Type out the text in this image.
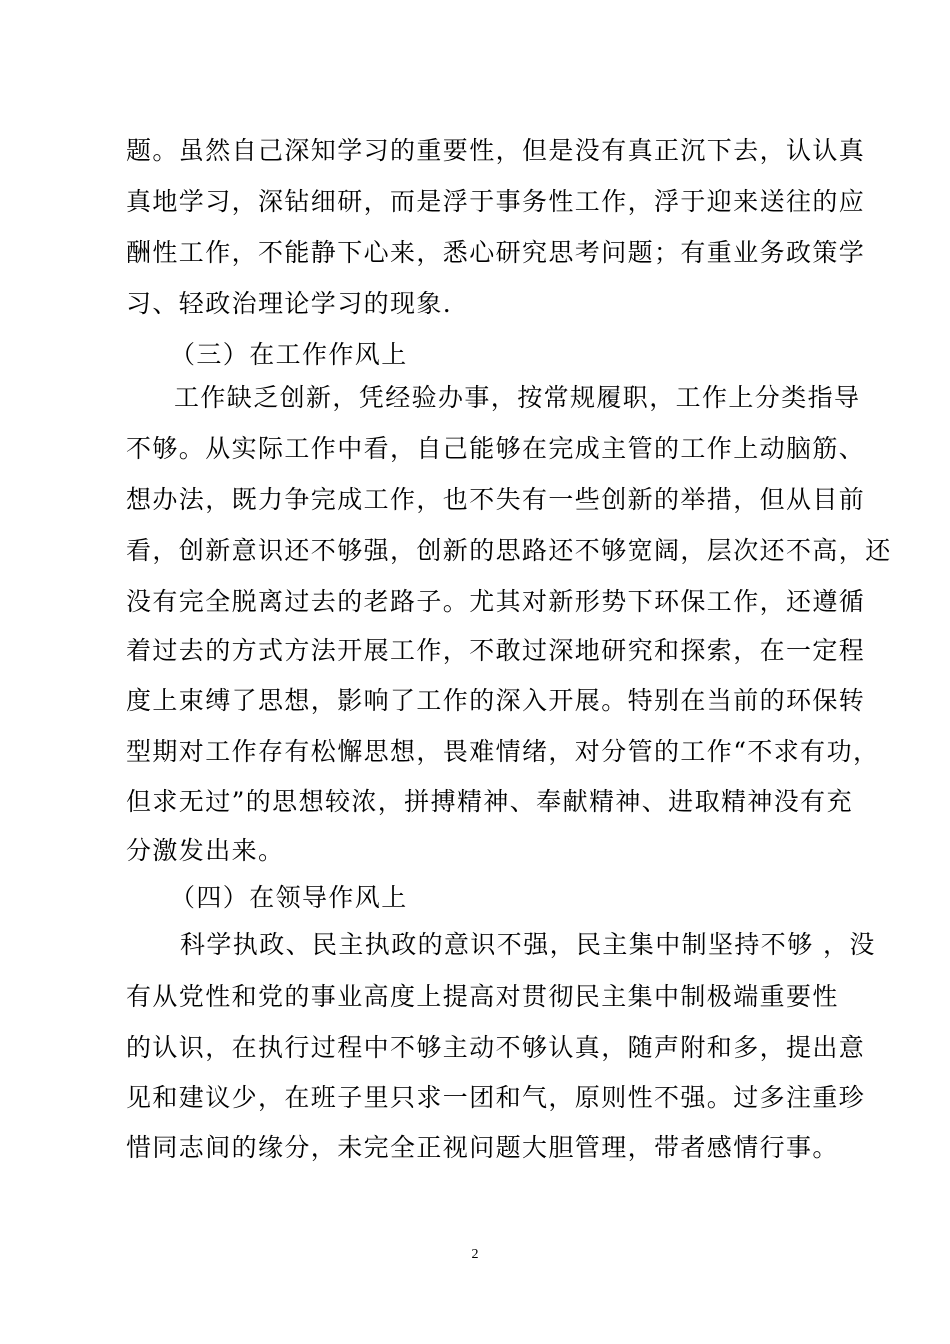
题。虽然自己深知学习的重要性，但是没有真正沉下去，认认真
真地学习，深钻细研，而是浮于事务性工作，浮于迎来送往的应
酬性工作，不能静下心来，悉心研究思考问题；有重业务政策学
习、轻政治理论学习的现象.
（三）在工作作风上
工作缺乏创新，凭经验办事，按常规履职，工作上分类指导
不够。从实际工作中看，自己能够在完成主管的工作上动脑筋、
想办法，既力争完成工作，也不失有一些创新的举措，但从目前
看，创新意识还不够强，创新的思路还不够宽阔，层次还不高，还
没有完全脱离过去的老路子。尤其对新形势下环保工作，还遵循
着过去的方式方法开展工作，不敢过深地研究和探索，在一定程
度上束缚了思想，影响了工作的深入开展。特别在当前的环保转
型期对工作存有松懈思想，畏难情绪，对分管的工作“不求有功，
但求无过”的思想较浓，拼搏精神、奉献精神、进取精神没有充
分激发出来。
（四）在领导作风上
科学执政、民主执政的意识不强，民主集中制坚持不够 ，没
有从党性和党的事业高度上提高对贯彻民主集中制极端重要性
的认识，在执行过程中不够主动不够认真，随声附和多，提出意
见和建议少，在班子里只求一团和气，原则性不强。过多注重珍
惜同志间的缘分，未完全正视问题大胆管理，带者感情行事。
2
